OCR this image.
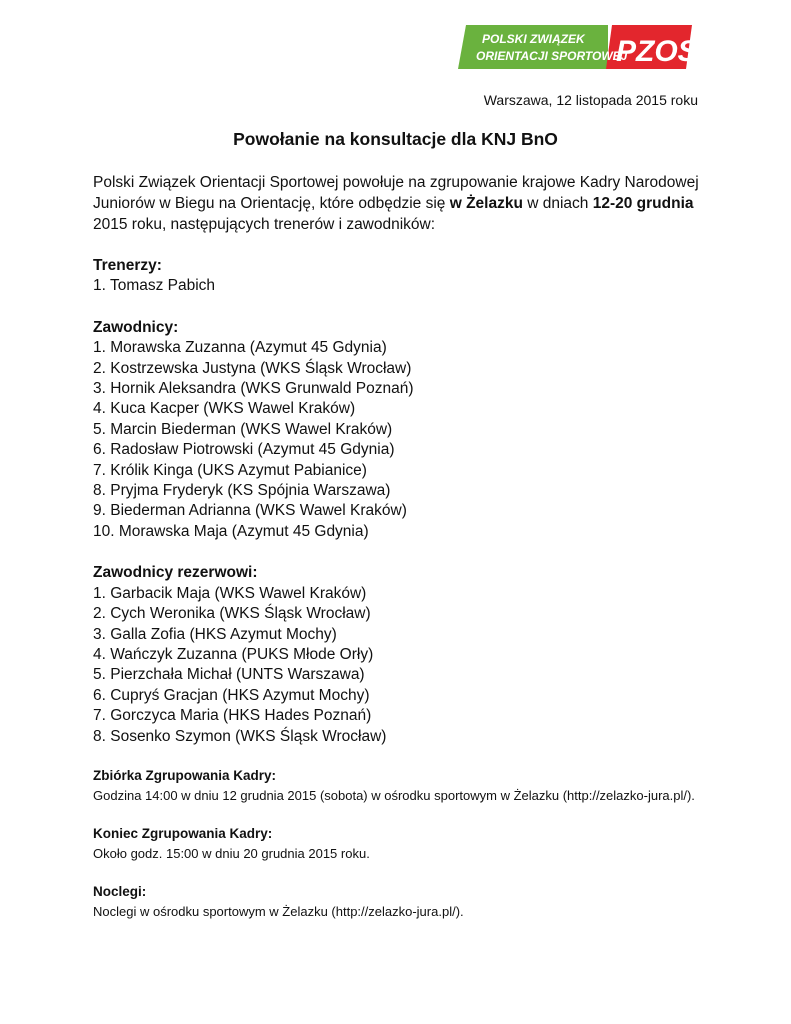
POLSKI ZWIĄZEK
ORIENTACJI SPORTOWEJ
PZOS
Warszawa, 12 listopada 2015 roku
Powołanie na konsultacje dla KNJ BnO

Polski Związek Orientacji Sportowej powołuje na zgrupowanie krajowe Kadry Narodowej Juniorów w Biegu na Orientację, które odbędzie się w Żelazku w dniach 12-20 grudnia 2015 roku, następujących trenerów i zawodników:

Trenerzy:
1. Tomasz Pabich
Zawodnicy:
1. Morawska Zuzanna (Azymut 45 Gdynia)
2. Kostrzewska Justyna (WKS Śląsk Wrocław)
3. Hornik Aleksandra (WKS Grunwald Poznań)
4. Kuca Kacper (WKS Wawel Kraków)
5. Marcin Biederman (WKS Wawel Kraków)
6. Radosław Piotrowski (Azymut 45 Gdynia)
7. Królik Kinga (UKS Azymut Pabianice)
8. Pryjma Fryderyk (KS Spójnia Warszawa)
9. Biederman Adrianna (WKS Wawel Kraków)
10. Morawska Maja (Azymut 45 Gdynia)
Zawodnicy rezerwowi:
1. Garbacik Maja (WKS Wawel Kraków)
2. Cych Weronika (WKS Śląsk Wrocław)
3. Galla Zofia (HKS Azymut Mochy)
4. Wańczyk Zuzanna (PUKS Młode Orły)
5. Pierzchała Michał (UNTS Warszawa)
6. Cupryś Gracjan (HKS Azymut Mochy)
7. Gorczyca Maria (HKS Hades Poznań)
8. Sosenko Szymon (WKS Śląsk Wrocław)
Zbiórka Zgrupowania Kadry:

Godzina 14:00 w dniu 12 grudnia 2015 (sobota) w ośrodku sportowym w Żelazku (http://zelazko-jura.pl/).

Koniec Zgrupowania Kadry:

Około godz. 15:00 w dniu 20 grudnia 2015 roku.

Noclegi:

Noclegi w ośrodku sportowym w Żelazku (http://zelazko-jura.pl/).
